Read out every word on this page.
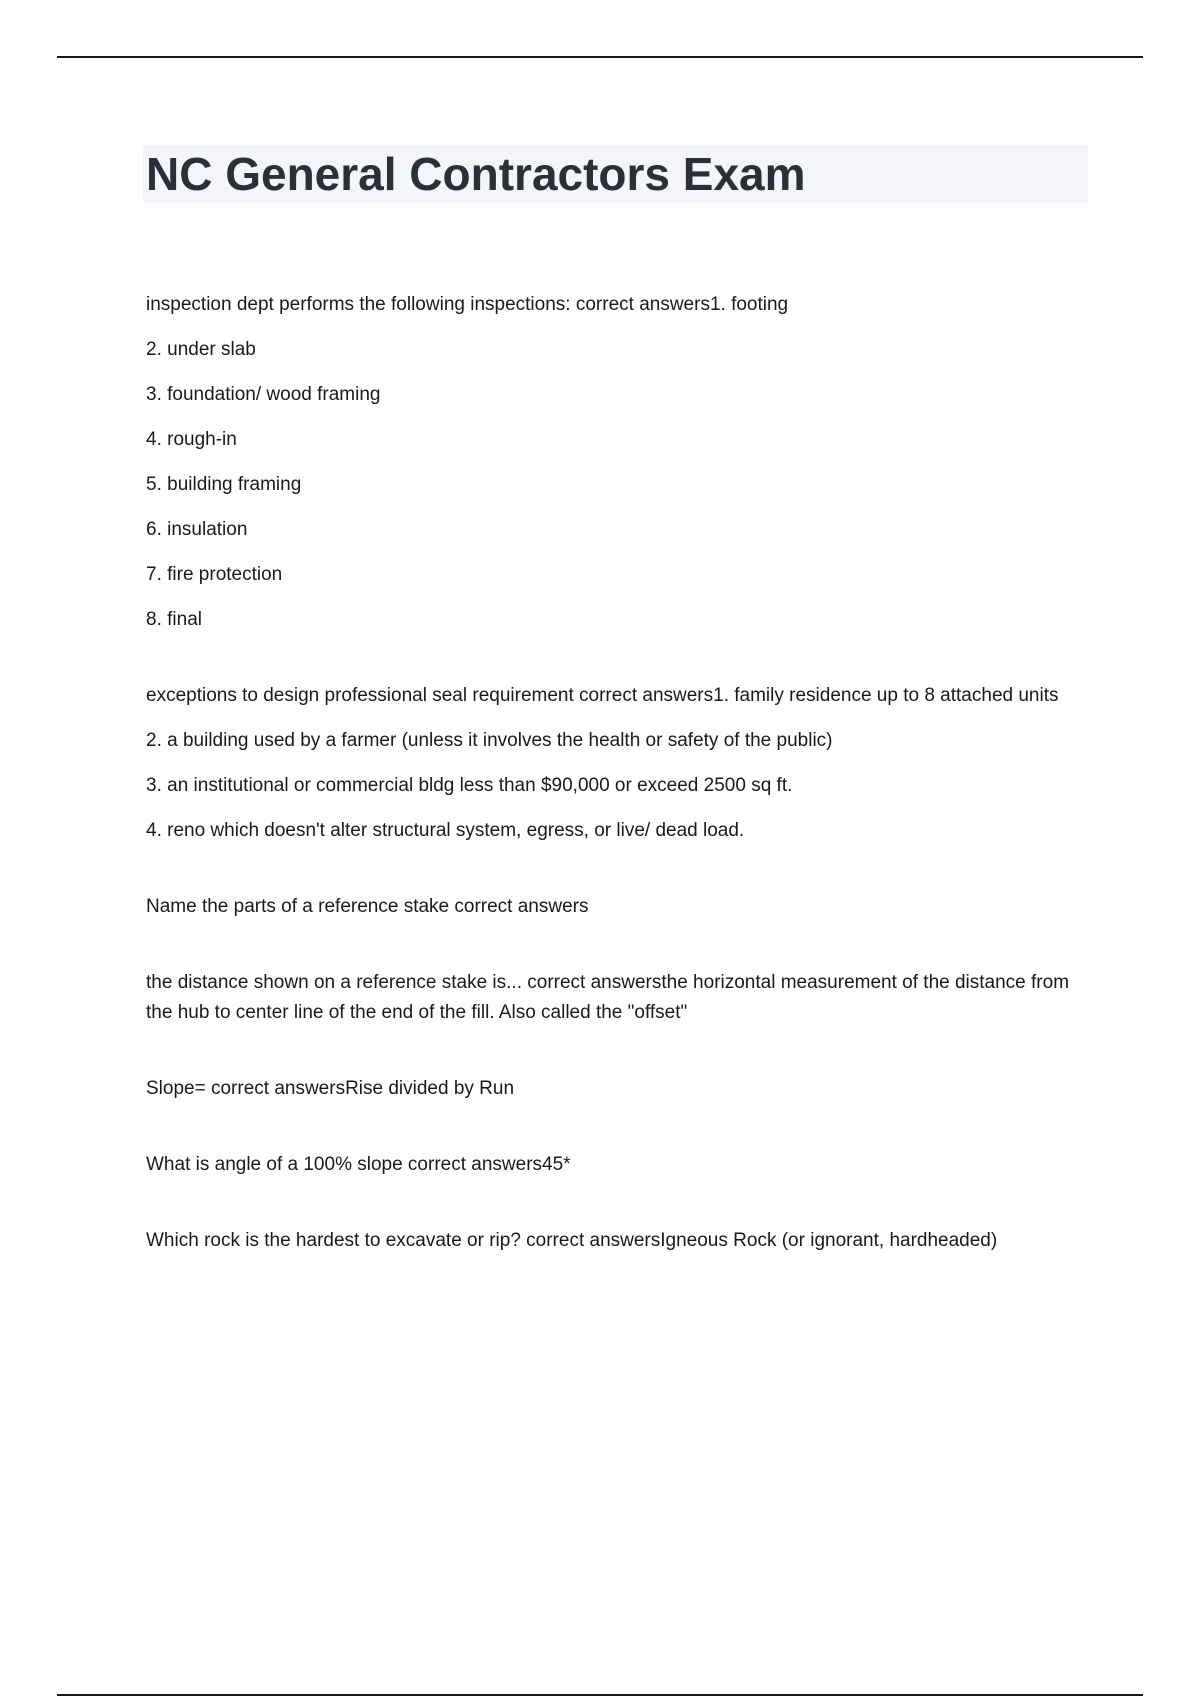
NC General Contractors Exam

inspection dept performs the following inspections: correct answers1. footing

2. under slab

3. foundation/ wood framing

4. rough-in

5. building framing

6. insulation

7. fire protection

8. final

exceptions to design professional seal requirement correct answers1. family residence up to 8 attached units

2. a building used by a farmer (unless it involves the health or safety of the public)

3. an institutional or commercial bldg less than $90,000 or exceed 2500 sq ft.

4. reno which doesn't alter structural system, egress, or live/ dead load.

Name the parts of a reference stake correct answers

the distance shown on a reference stake is... correct answersthe horizontal measurement of the distance from the hub to center line of the end of the fill. Also called the "offset"

Slope= correct answersRise divided by Run

What is angle of a 100% slope correct answers45*

Which rock is the hardest to excavate or rip? correct answersIgneous Rock (or ignorant, hardheaded)
